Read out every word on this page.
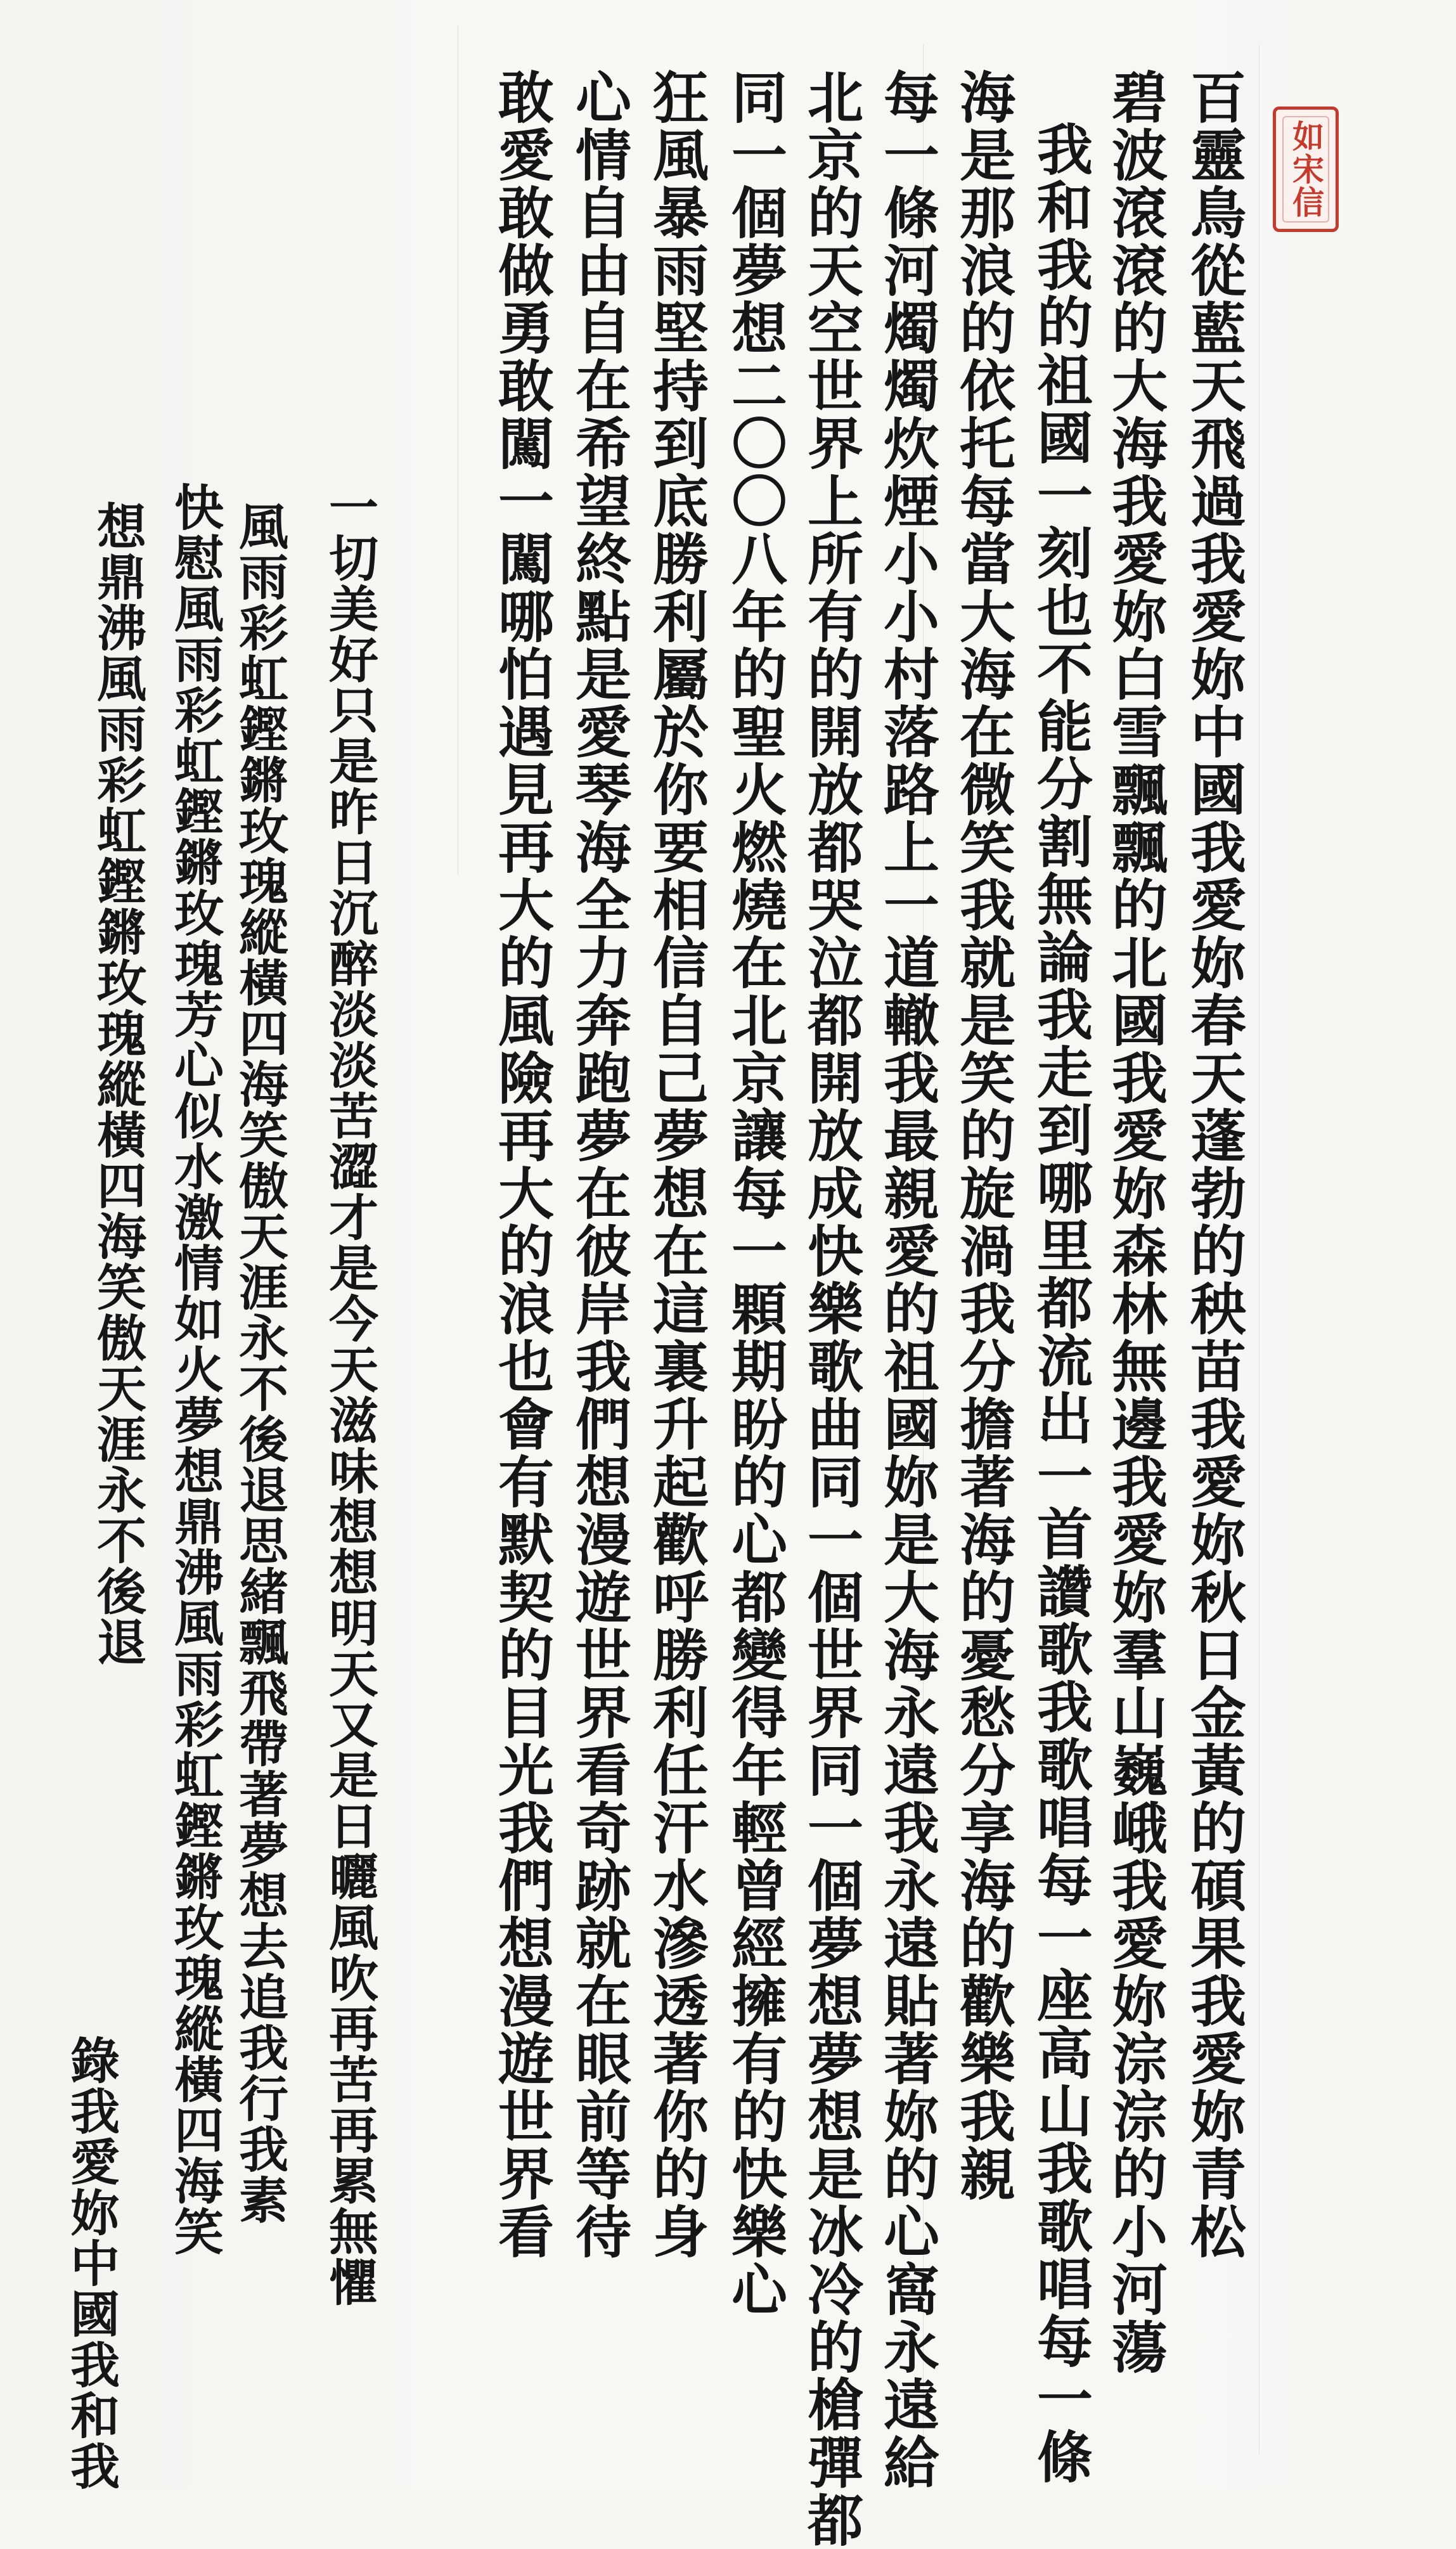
如宋信
百靈鳥從藍天飛過我愛妳中國我愛妳春天蓬勃的秧苗我愛妳秋日金黃的碩果我愛妳青松
碧波滾滾的大海我愛妳白雪飄飄的北國我愛妳森林無邊我愛妳羣山巍峨我愛妳淙淙的小河蕩
我和我的祖國一刻也不能分割無論我走到哪里都流出一首讚歌我歌唱每一座高山我歌唱每一條
海是那浪的依托每當大海在微笑我就是笑的旋渦我分擔著海的憂愁分享海的歡樂我親
每一條河燭燭炊煙小小村落路上一道轍我最親愛的祖國妳是大海永遠我永遠貼著妳的心窩永遠給
北京的天空世界上所有的開放都哭泣都開放成快樂歌曲同一個世界同一個夢想夢想是冰冷的槍彈都
同一個夢想二〇〇八年的聖火燃燒在北京讓每一顆期盼的心都變得年輕曾經擁有的快樂心
狂風暴雨堅持到底勝利屬於你要相信自己夢想在這裏升起歡呼勝利任汗水滲透著你的身
心情自由自在希望終點是愛琴海全力奔跑夢在彼岸我們想漫遊世界看奇跡就在眼前等待
敢愛敢做勇敢闖一闖哪怕遇見再大的風險再大的浪也會有默契的目光我們想漫遊世界看
一切美好只是昨日沉醉淡淡苦澀才是今天滋味想想明天又是日曬風吹再苦再累無懼
風雨彩虹鏗鏘玫瑰縱橫四海笑傲天涯永不後退思緒飄飛帶著夢想去追我行我素
快慰風雨彩虹鏗鏘玫瑰芳心似水激情如火夢想鼎沸風雨彩虹鏗鏘玫瑰縱橫四海笑
想鼎沸風雨彩虹鏗鏘玫瑰縱橫四海笑傲天涯永不後退
錄我愛妳中國我和我
